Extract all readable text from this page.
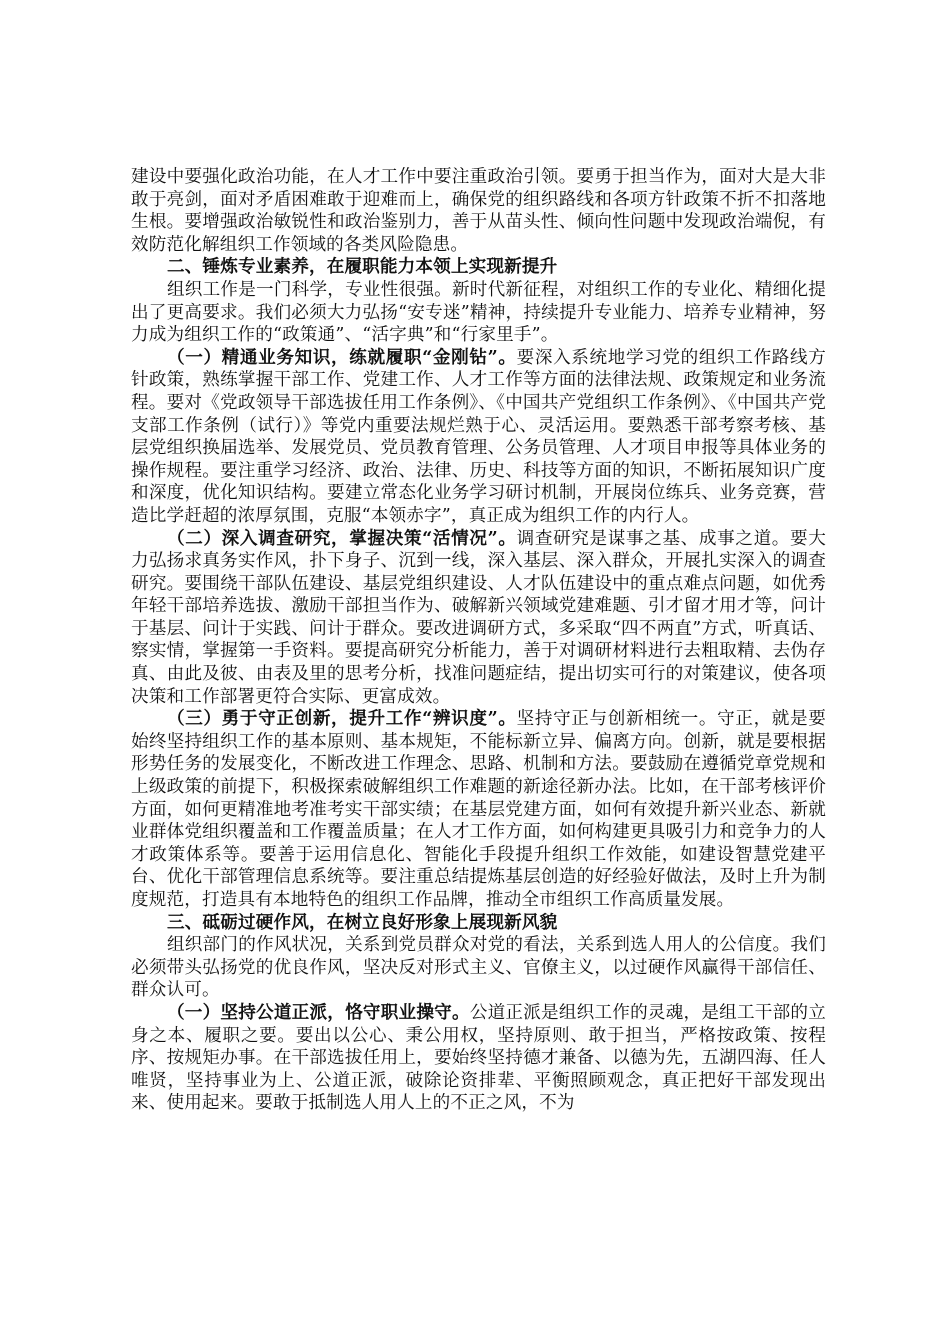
建设中要强化政治功能，在人才工作中要注重政治引领。要勇于担当作为，面对大是大非敢于亮剑，面对矛盾困难敢于迎难而上，确保党的组织路线和各项方针政策不折不扣落地生根。要增强政治敏锐性和政治鉴别力，善于从苗头性、倾向性问题中发现政治端倪，有效防范化解组织工作领域的各类风险隐患。

二、锤炼专业素养，在履职能力本领上实现新提升

组织工作是一门科学，专业性很强。新时代新征程，对组织工作的专业化、精细化提出了更高要求。我们必须大力弘扬“安专迷”精神，持续提升专业能力、培养专业精神，努力成为组织工作的“政策通”、“活字典”和“行家里手”。

（一）精通业务知识，练就履职“金刚钻”。要深入系统地学习党的组织工作路线方针政策，熟练掌握干部工作、党建工作、人才工作等方面的法律法规、政策规定和业务流程。要对《党政领导干部选拔任用工作条例》、《中国共产党组织工作条例》、《中国共产党支部工作条例（试行）》等党内重要法规烂熟于心、灵活运用。要熟悉干部考察考核、基层党组织换届选举、发展党员、党员教育管理、公务员管理、人才项目申报等具体业务的操作规程。要注重学习经济、政治、法律、历史、科技等方面的知识，不断拓展知识广度和深度，优化知识结构。要建立常态化业务学习研讨机制，开展岗位练兵、业务竞赛，营造比学赶超的浓厚氛围，克服“本领赤字”，真正成为组织工作的内行人。

（二）深入调查研究，掌握决策“活情况”。调查研究是谋事之基、成事之道。要大力弘扬求真务实作风，扑下身子、沉到一线，深入基层、深入群众，开展扎实深入的调查研究。要围绕干部队伍建设、基层党组织建设、人才队伍建设中的重点难点问题，如优秀年轻干部培养选拔、激励干部担当作为、破解新兴领域党建难题、引才留才用才等，问计于基层、问计于实践、问计于群众。要改进调研方式，多采取“四不两直”方式，听真话、察实情，掌握第一手资料。要提高研究分析能力，善于对调研材料进行去粗取精、去伪存真、由此及彼、由表及里的思考分析，找准问题症结，提出切实可行的对策建议，使各项决策和工作部署更符合实际、更富成效。

（三）勇于守正创新，提升工作“辨识度”。坚持守正与创新相统一。守正，就是要始终坚持组织工作的基本原则、基本规矩，不能标新立异、偏离方向。创新，就是要根据形势任务的发展变化，不断改进工作理念、思路、机制和方法。要鼓励在遵循党章党规和上级政策的前提下，积极探索破解组织工作难题的新途径新办法。比如，在干部考核评价方面，如何更精准地考准考实干部实绩；在基层党建方面，如何有效提升新兴业态、新就业群体党组织覆盖和工作覆盖质量；在人才工作方面，如何构建更具吸引力和竞争力的人才政策体系等。要善于运用信息化、智能化手段提升组织工作效能，如建设智慧党建平台、优化干部管理信息系统等。要注重总结提炼基层创造的好经验好做法，及时上升为制度规范，打造具有本地特色的组织工作品牌，推动全市组织工作高质量发展。

三、砥砺过硬作风，在树立良好形象上展现新风貌

组织部门的作风状况，关系到党员群众对党的看法，关系到选人用人的公信度。我们必须带头弘扬党的优良作风，坚决反对形式主义、官僚主义，以过硬作风赢得干部信任、群众认可。

（一）坚持公道正派，恪守职业操守。公道正派是组织工作的灵魂，是组工干部的立身之本、履职之要。要出以公心、秉公用权，坚持原则、敢于担当，严格按政策、按程序、按规矩办事。在干部选拔任用上，要始终坚持德才兼备、以德为先，五湖四海、任人唯贤，坚持事业为上、公道正派，破除论资排辈、平衡照顾观念，真正把好干部发现出来、使用起来。要敢于抵制选人用人上的不正之风，不为
